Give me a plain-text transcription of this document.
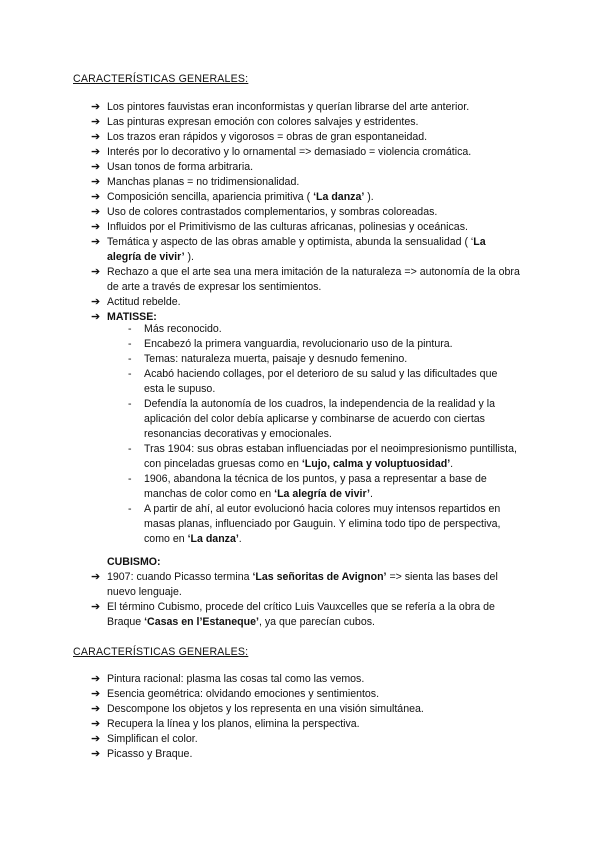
CARACTERÍSTICAS GENERALES:
➔ Los pintores fauvistas eran inconformistas y querían librarse del arte anterior.
➔ Las pinturas expresan emoción con colores salvajes y estridentes.
➔ Los trazos eran rápidos y vigorosos = obras de gran espontaneidad.
➔ Interés por lo decorativo y lo ornamental => demasiado = violencia cromática.
➔ Usan tonos de forma arbitraria.
➔ Manchas planas = no tridimensionalidad.
➔ Composición sencilla, apariencia primitiva ( ‘La danza’ ).
➔ Uso de colores contrastados complementarios, y sombras coloreadas.
➔ Influidos por el Primitivismo de las culturas africanas, polinesias y oceánicas.
➔ Temática y aspecto de las obras amable y optimista, abunda la sensualidad ( ‘La alegría de vivir’ ).
➔ Rechazo a que el arte sea una mera imitación de la naturaleza => autonomía de la obra de arte a través de expresar los sentimientos.
➔ Actitud rebelde.
➔ MATISSE:
- Más reconocido.
- Encabezó la primera vanguardia, revolucionario uso de la pintura.
- Temas: naturaleza muerta, paisaje y desnudo femenino.
- Acabó haciendo collages, por el deterioro de su salud y las dificultades que esta le supuso.
- Defendía la autonomía de los cuadros, la independencia de la realidad y la aplicación del color debía aplicarse y combinarse de acuerdo con ciertas resonancias decorativas y emocionales.
- Tras 1904: sus obras estaban influenciadas por el neoimpresionismo puntillista, con pinceladas gruesas como en ‘Lujo, calma y voluptuosidad’.
- 1906, abandona la técnica de los puntos, y pasa a representar a base de manchas de color como en ‘La alegría de vivir’.
- A partir de ahí, al eutor evolucionó hacia colores muy intensos repartidos en masas planas, influenciado por Gauguin. Y elimina todo tipo de perspectiva, como en ‘La danza’.
CUBISMO:
➔ 1907: cuando Picasso termina ‘Las señoritas de Avignon’ => sienta las bases del nuevo lenguaje.
➔ El término Cubismo, procede del crítico Luis Vauxcelles que se refería a la obra de Braque ‘Casas en l’Estaneque’, ya que parecían cubos.
CARACTERÍSTICAS GENERALES:
➔ Pintura racional: plasma las cosas tal como las vemos.
➔ Esencia geométrica: olvidando emociones y sentimientos.
➔ Descompone los objetos y los representa en una visión simultánea.
➔ Recupera la línea y los planos, elimina la perspectiva.
➔ Simplifican el color.
➔ Picasso y Braque.
